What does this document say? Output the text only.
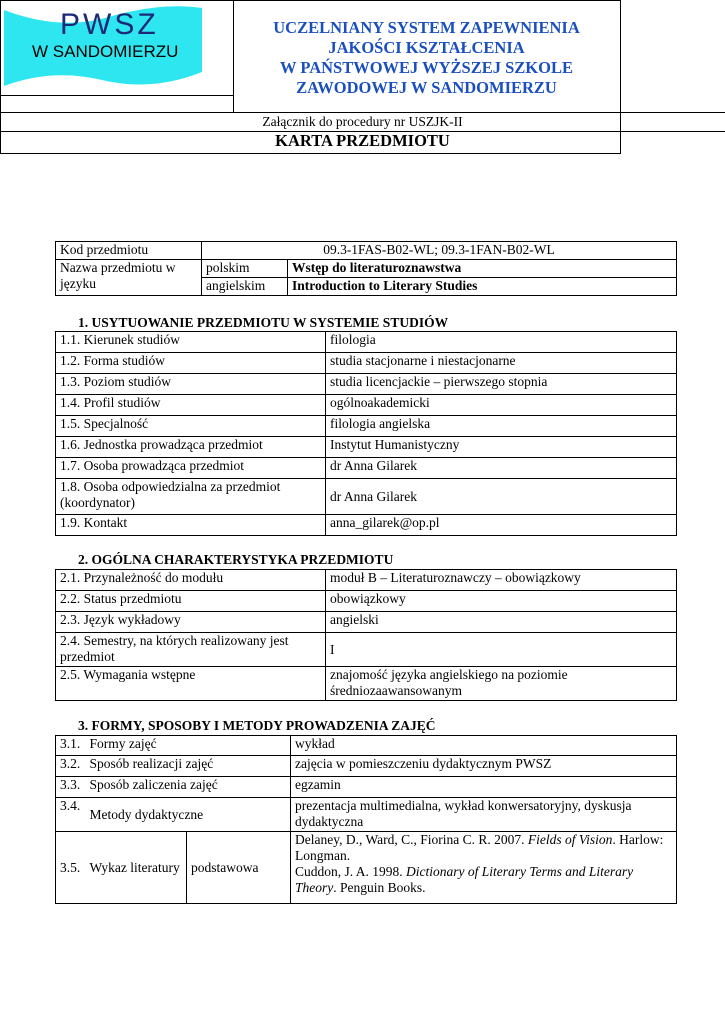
PWSZ
W SANDOMIERZU
UCZELNIANY SYSTEM ZAPEWNIENIA
JAKOŚCI KSZTAŁCENIA
W PAŃSTWOWEJ WYŻSZEJ SZKOLE
ZAWODOWEJ W SANDOMIERZU
Załącznik do procedury nr USZJK-II
KARTA PRZEDMIOTU
Kod przedmiotu	09.3-1FAS-B02-WL; 09.3-1FAN-B02-WL	
Nazwa przedmiotu w języku	polskim	Wstęp do literaturoznawstwa
	angielskim	Introduction to Literary Studies
1. USYTUOWANIE PRZEDMIOTU W SYSTEMIE STUDIÓW
1.1. Kierunek studiów	filologia
1.2. Forma studiów	studia stacjonarne i niestacjonarne
1.3. Poziom studiów	studia licencjackie – pierwszego stopnia
1.4. Profil studiów	ogólnoakademicki
1.5. Specjalność	filologia angielska
1.6. Jednostka prowadząca przedmiot	Instytut Humanistyczny
1.7. Osoba prowadząca przedmiot	dr Anna Gilarek
1.8. Osoba odpowiedzialna za przedmiot (koordynator)	dr Anna Gilarek
1.9. Kontakt	anna_gilarek@op.pl
2. OGÓLNA CHARAKTERYSTYKA PRZEDMIOTU
2.1. Przynależność do modułu	moduł B – Literaturoznawczy – obowiązkowy
2.2. Status przedmiotu	obowiązkowy
2.3. Język wykładowy	angielski
2.4. Semestry, na których realizowany jest przedmiot	I
2.5. Wymagania wstępne	znajomość języka angielskiego na poziomie średniozaawansowanym
3. FORMY, SPOSOBY I METODY PROWADZENIA ZAJĘĆ
3.1.	Formy zajęć		wykład
3.2.	Sposób realizacji zajęć		zajęcia w pomieszczeniu dydaktycznym PWSZ
3.3.	Sposób zaliczenia zajęć		egzamin
3.4.	Metody dydaktyczne		prezentacja multimedialna, wykład konwersatoryjny, dyskusja dydaktyczna
3.5.	Wykaz literatury	podstawowa	Delaney, D., Ward, C., Fiorina C. R. 2007. Fields of Vision. Harlow: Longman.
Cuddon, J. A. 1998. Dictionary of Literary Terms and Literary Theory. Penguin Books.
